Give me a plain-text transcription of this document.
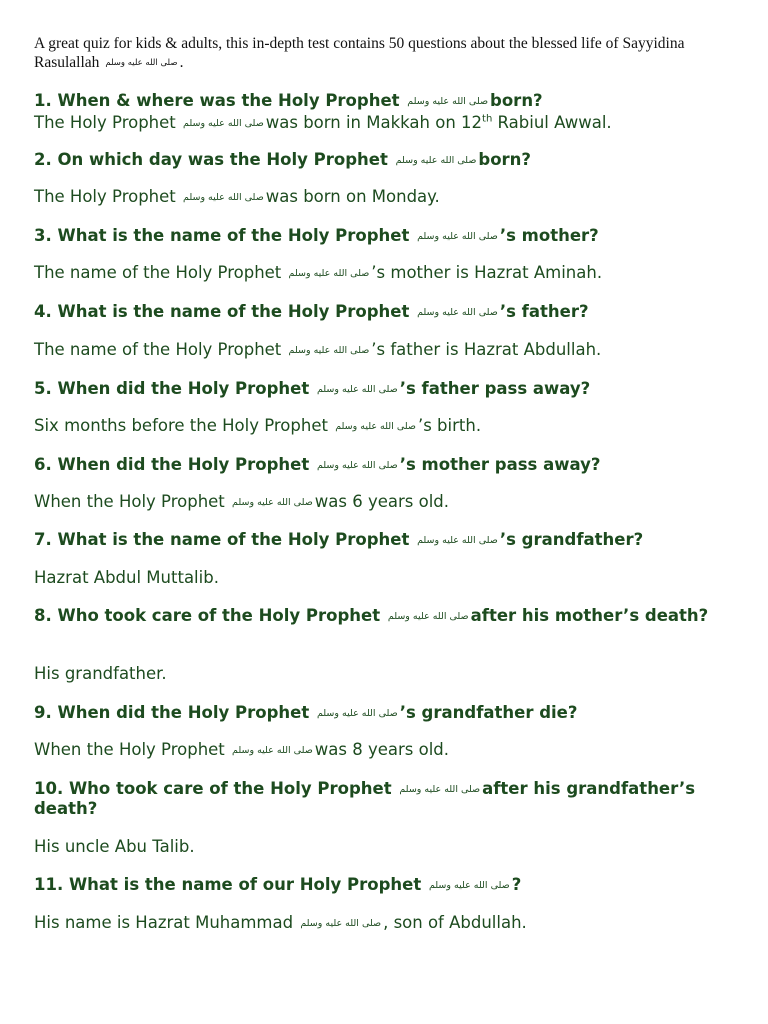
A great quiz for kids & adults, this in-depth test contains 50 questions about the blessed life of Sayyidina Rasulallah صلى الله عليه وسلم .
1. When & where was the Holy Prophet صلى الله عليه وسلم born?
The Holy Prophet صلى الله عليه وسلم was born in Makkah on 12th Rabiul Awwal.
2. On which day was the Holy Prophet صلى الله عليه وسلم born?
The Holy Prophet صلى الله عليه وسلم was born on Monday.
3. What is the name of the Holy Prophet صلى الله عليه وسلم ’s mother?
The name of the Holy Prophet صلى الله عليه وسلم ’s mother is Hazrat Aminah.
4. What is the name of the Holy Prophet صلى الله عليه وسلم ’s father?
The name of the Holy Prophet صلى الله عليه وسلم ’s father is Hazrat Abdullah.
5. When did the Holy Prophet صلى الله عليه وسلم ’s father pass away?
Six months before the Holy Prophet صلى الله عليه وسلم ’s birth.
6. When did the Holy Prophet صلى الله عليه وسلم ’s mother pass away?
When the Holy Prophet صلى الله عليه وسلم was 6 years old.
7. What is the name of the Holy Prophet صلى الله عليه وسلم ’s grandfather?
Hazrat Abdul Muttalib.
8. Who took care of the Holy Prophet صلى الله عليه وسلم after his mother’s death?
His grandfather.
9. When did the Holy Prophet صلى الله عليه وسلم ’s grandfather die?
When the Holy Prophet صلى الله عليه وسلم was 8 years old.
10. Who took care of the Holy Prophet صلى الله عليه وسلم after his grandfather’s death?
His uncle Abu Talib.
11. What is the name of our Holy Prophet صلى الله عليه وسلم ?
His name is Hazrat Muhammad صلى الله عليه وسلم , son of Abdullah.
